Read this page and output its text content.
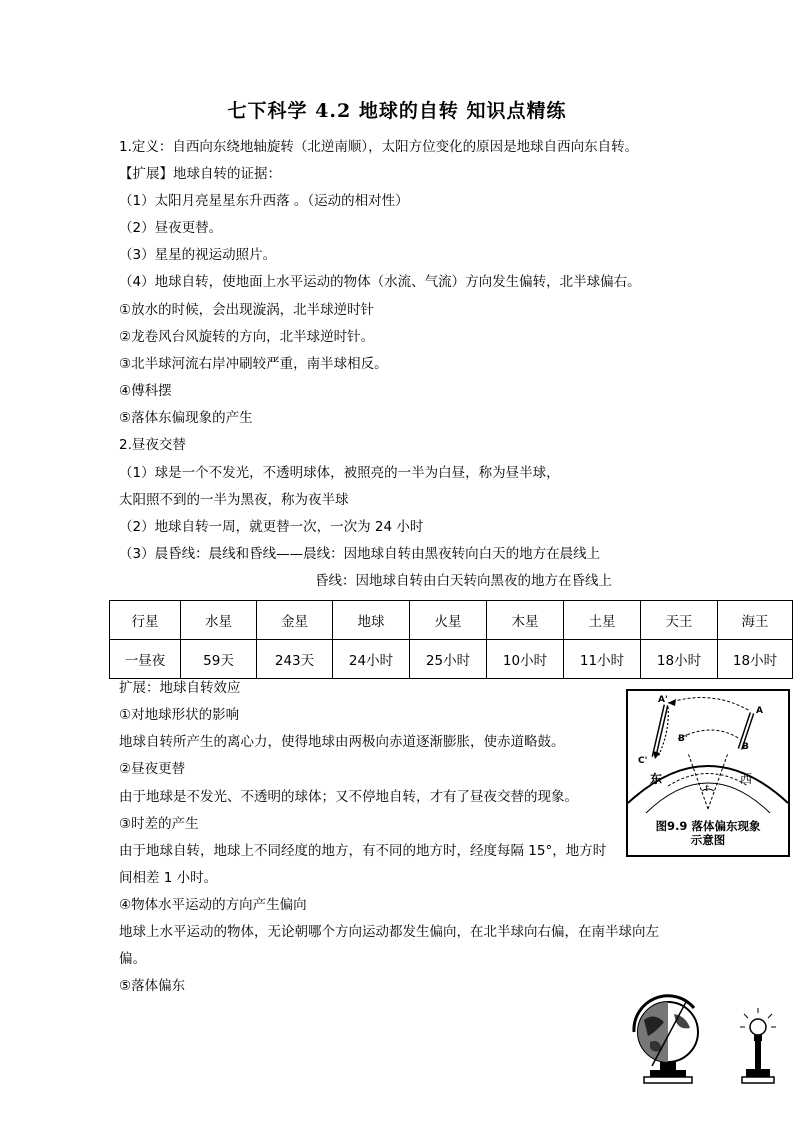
七下科学 4.2 地球的自转 知识点精练
1.定义：自西向东绕地轴旋转（北逆南顺），太阳方位变化的原因是地球自西向东自转。
【扩展】地球自转的证据：
（1）太阳月亮星星东升西落 。（运动的相对性）
（2）昼夜更替。
（3）星星的视运动照片。
（4）地球自转，使地面上水平运动的物体（水流、气流）方向发生偏转，北半球偏右。
①放水的时候，会出现漩涡，北半球逆时针
②龙卷风台风旋转的方向，北半球逆时针。
③北半球河流右岸冲刷较严重，南半球相反。
④傅科摆
⑤落体东偏现象的产生
2.昼夜交替
（1）球是一个不发光，不透明球体，被照亮的一半为白昼，称为昼半球，
太阳照不到的一半为黑夜，称为夜半球
（2）地球自转一周，就更替一次，一次为 24 小时
（3）晨昏线：晨线和昏线——晨线：因地球自转由黑夜转向白天的地方在晨线上
昏线：因地球自转由白天转向黑夜的地方在昏线上
行星	水星	金星	地球	火星	木星	土星	天王	海王
一昼夜	59天	243天	24小时	25小时	10小时	11小时	18小时	18小时
扩展：地球自转效应
①对地球形状的影响
地球自转所产生的离心力，使得地球由两极向赤道逐渐膨胀，使赤道略鼓。
②昼夜更替
由于地球是不发光、不透明的球体；又不停地自转，才有了昼夜交替的现象。
③时差的产生
由于地球自转，地球上不同经度的地方，有不同的地方时，经度每隔 15°，地方时
间相差 1 小时。
④物体水平运动的方向产生偏向
地球上水平运动的物体，无论朝哪个方向运动都发生偏向，在北半球向右偏，在南半球向左
偏。
⑤落体偏东
A'
A
B'
B
C'
东	西
t
图9.9 落体偏东现象
示意图
